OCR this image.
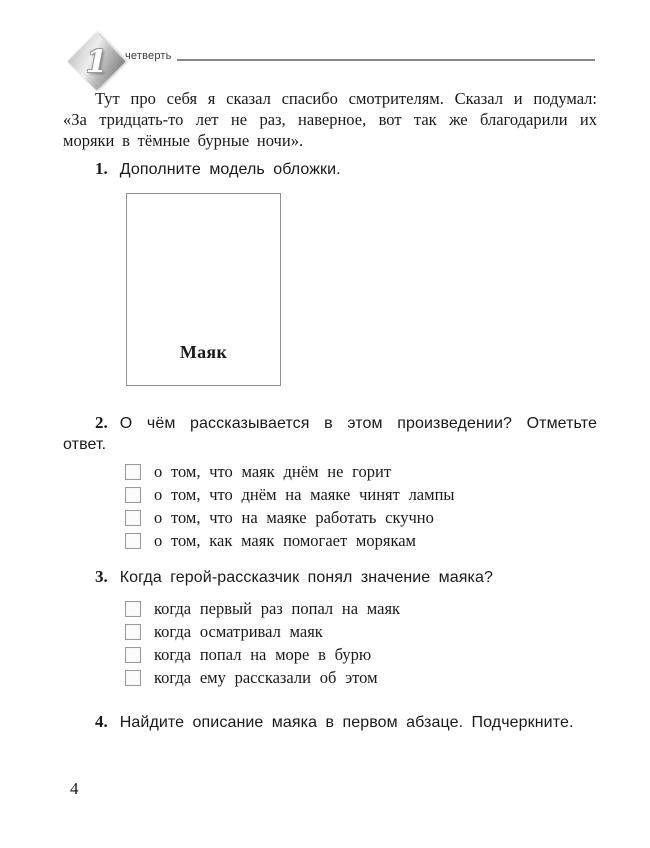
1	четверть

Тут про себя я сказал спасибо смотрителям. Сказал и подумал: «За тридцать-то лет не раз, наверное, вот так же благодарили их моряки в тёмные бурные ночи».

1. Дополните модель обложки.

Маяк

2. О чём рассказывается в этом произведении? Отметьте ответ.

о том, что маяк днём не горит
о том, что днём на маяке чинят лампы
о том, что на маяке работать скучно
о том, как маяк помогает морякам

3. Когда герой-рассказчик понял значение маяка?

когда первый раз попал на маяк
когда осматривал маяк
когда попал на море в бурю
когда ему рассказали об этом

4. Найдите описание маяка в первом абзаце. Подчеркните.

4
